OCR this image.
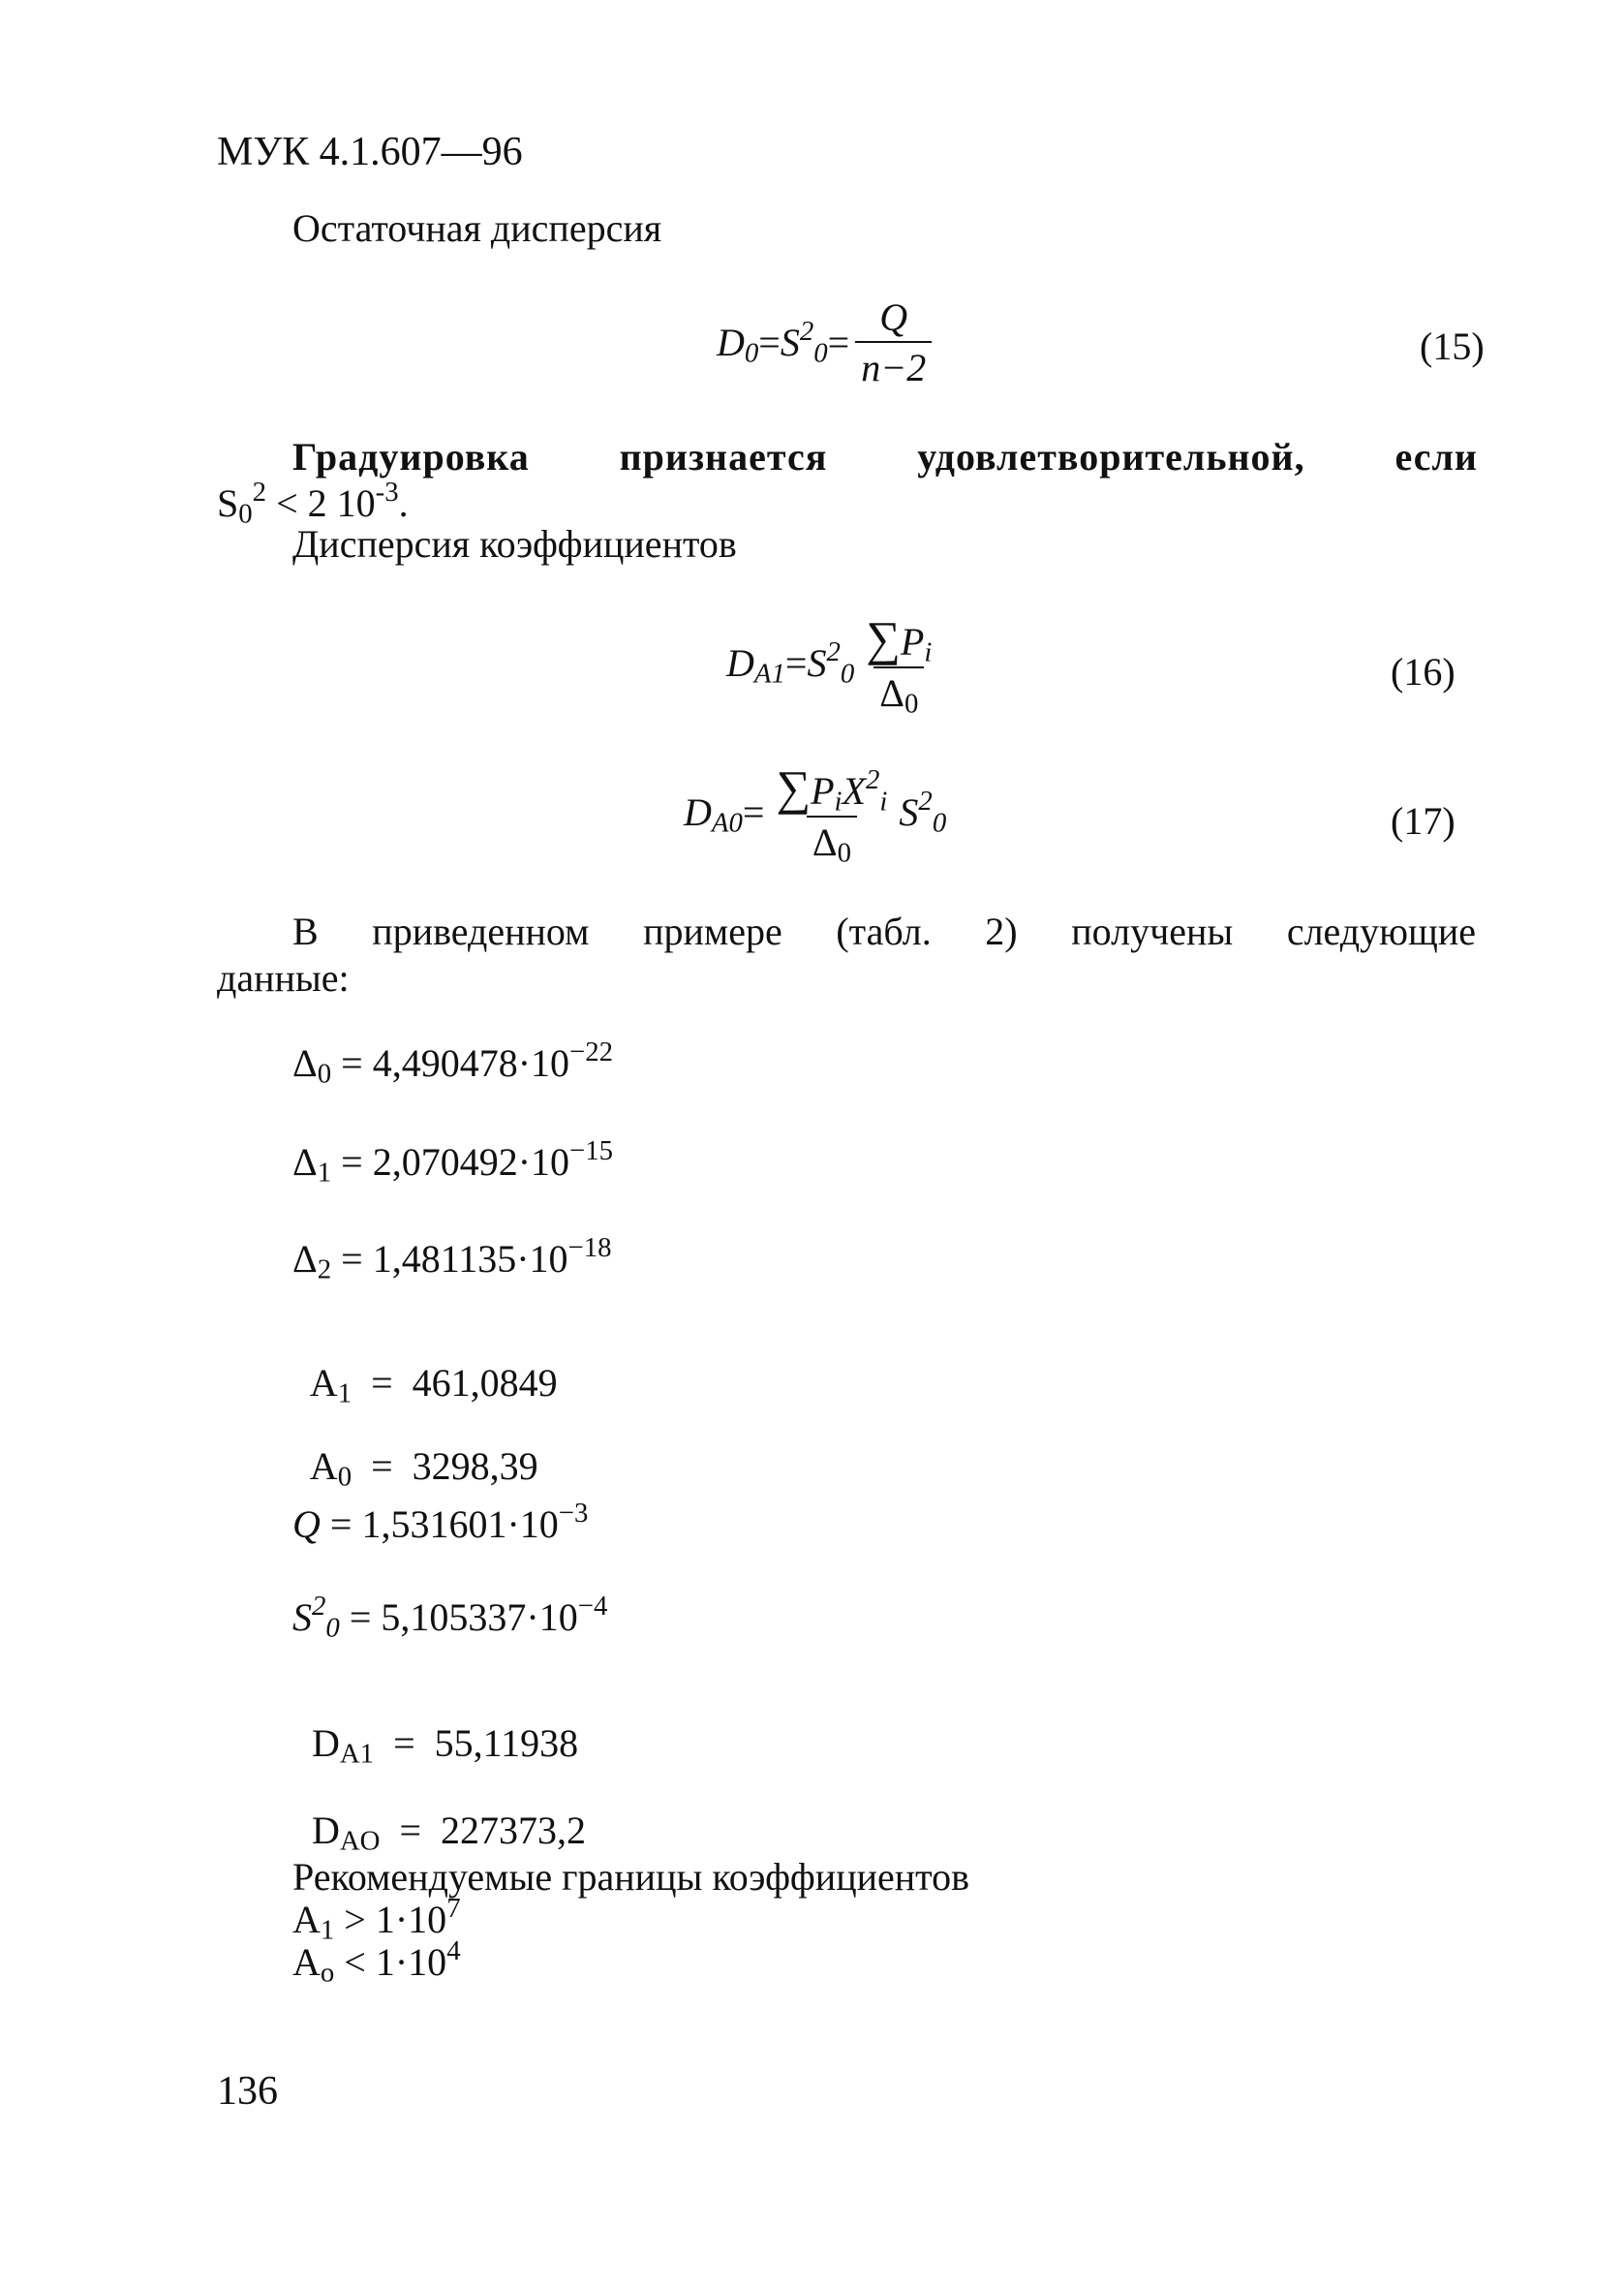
МУК 4.1.607—96
Остаточная дисперсия
$D_0 = S^2_0 = \frac{Q}{n-2}$	(15)
Градуировка признается удовлетворительной, если
$S_0^2 < 2$ $10^{-3}$.
Дисперсия коэффициентов
$D_{A1} = S^2_0 \frac{\sum P_i}{\Delta_0}$	(16)
$D_{A0} = \frac{\sum P_iX^2_i}{\Delta_0} S^2_0$	(17)
В приведенном примере (табл. 2) получены следующие
данные:
$\Delta_0 = 4,490478\cdot 10^{-22}$
$\Delta_1 = 2,070492\cdot 10^{-15}$
$\Delta_2 = 1,481135\cdot 10^{-18}$

$A_1 = 461,0849$

$A_0 = 3298,39$

$Q = 1,531601\cdot 10^{-3}$
$S^2_0 = 5,105337\cdot 10^{-4}$

$D_{A1} = 55,11938$

$D_{AO} = 227373,2$

Рекомендуемые границы коэффициентов
$A_1 > 1\cdot 10^7$
$A_o < 1\cdot 10^4$
136
